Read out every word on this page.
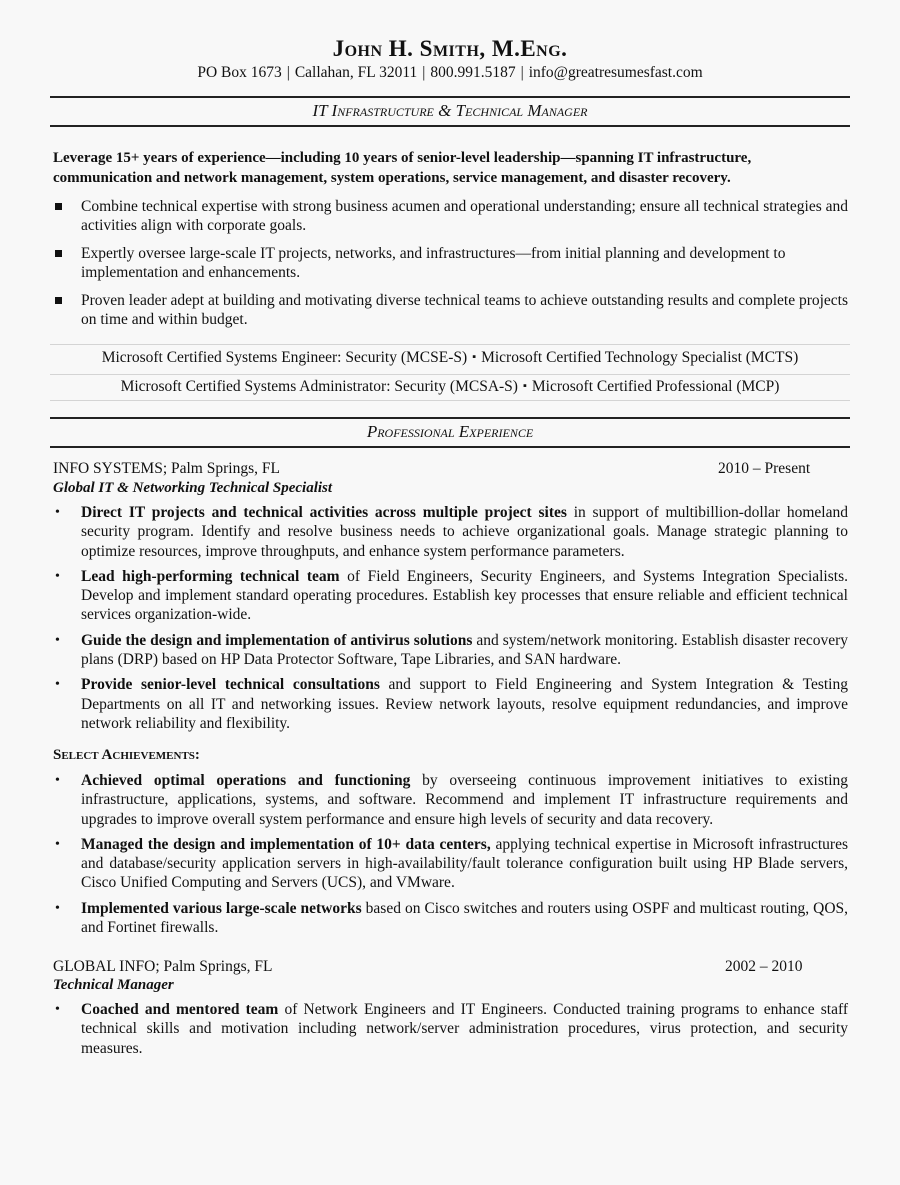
John H. Smith, M.Eng.
PO Box 1673 | Callahan, FL 32011 | 800.991.5187 | info@greatresumesfast.com
IT Infrastructure & Technical Manager
Leverage 15+ years of experience—including 10 years of senior-level leadership—spanning IT infrastructure, communication and network management, system operations, service management, and disaster recovery.
Combine technical expertise with strong business acumen and operational understanding; ensure all technical strategies and activities align with corporate goals.
Expertly oversee large-scale IT projects, networks, and infrastructures—from initial planning and development to implementation and enhancements.
Proven leader adept at building and motivating diverse technical teams to achieve outstanding results and complete projects on time and within budget.
Microsoft Certified Systems Engineer: Security (MCSE-S) ▪ Microsoft Certified Technology Specialist (MCTS)
Microsoft Certified Systems Administrator: Security (MCSA-S) ▪ Microsoft Certified Professional (MCP)
Professional Experience
INFO SYSTEMS; Palm Springs, FL	2010 – Present
Global IT & Networking Technical Specialist
• Direct IT projects and technical activities across multiple project sites in support of multibillion-dollar homeland security program. Identify and resolve business needs to achieve organizational goals. Manage strategic planning to optimize resources, improve throughputs, and enhance system performance parameters.
• Lead high-performing technical team of Field Engineers, Security Engineers, and Systems Integration Specialists. Develop and implement standard operating procedures. Establish key processes that ensure reliable and efficient technical services organization-wide.
• Guide the design and implementation of antivirus solutions and system/network monitoring. Establish disaster recovery plans (DRP) based on HP Data Protector Software, Tape Libraries, and SAN hardware.
• Provide senior-level technical consultations and support to Field Engineering and System Integration & Testing Departments on all IT and networking issues. Review network layouts, resolve equipment redundancies, and improve network reliability and flexibility.
Select Achievements:
• Achieved optimal operations and functioning by overseeing continuous improvement initiatives to existing infrastructure, applications, systems, and software. Recommend and implement IT infrastructure requirements and upgrades to improve overall system performance and ensure high levels of security and data recovery.
• Managed the design and implementation of 10+ data centers, applying technical expertise in Microsoft infrastructures and database/security application servers in high-availability/fault tolerance configuration built using HP Blade servers, Cisco Unified Computing and Servers (UCS), and VMware.
• Implemented various large-scale networks based on Cisco switches and routers using OSPF and multicast routing, QOS, and Fortinet firewalls.
GLOBAL INFO; Palm Springs, FL	2002 – 2010
Technical Manager
• Coached and mentored team of Network Engineers and IT Engineers. Conducted training programs to enhance staff technical skills and motivation including network/server administration procedures, virus protection, and security measures.
